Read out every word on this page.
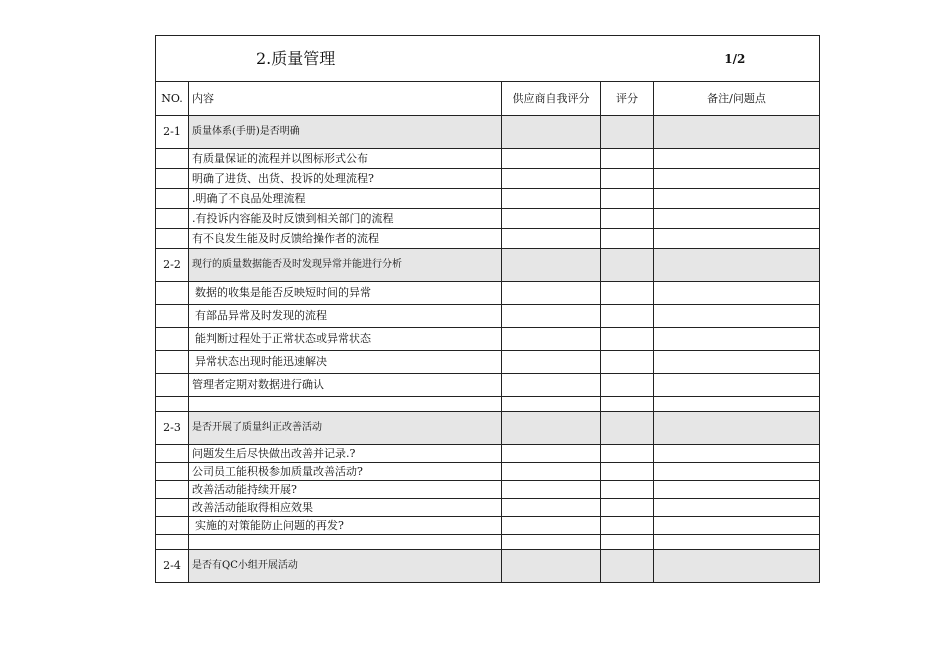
2.质量管理				1/2
NO.	内容	供应商自我评分	评分	备注/问题点
2-1	质量体系(手册)是否明确			
	有质量保证的流程并以图标形式公布			
	明确了进货、出货、投诉的处理流程?			
	.明确了不良品处理流程			
	.有投诉内容能及时反馈到相关部门的流程			
	有不良发生能及时反馈给操作者的流程			
2-2	现行的质量数据能否及时发现异常并能进行分析			
	数据的收集是能否反映短时间的异常			
	有部品异常及时发现的流程			
	能判断过程处于正常状态或异常状态			
	异常状态出现时能迅速解决			
	管理者定期对数据进行确认			

2-3	是否开展了质量纠正改善活动			
	问题发生后尽快做出改善并记录.?			
	公司员工能积极参加质量改善活动?			
	改善活动能持续开展?			
	改善活动能取得相应效果			
	实施的对策能防止问题的再发?			

2-4	是否有QC小组开展活动			
